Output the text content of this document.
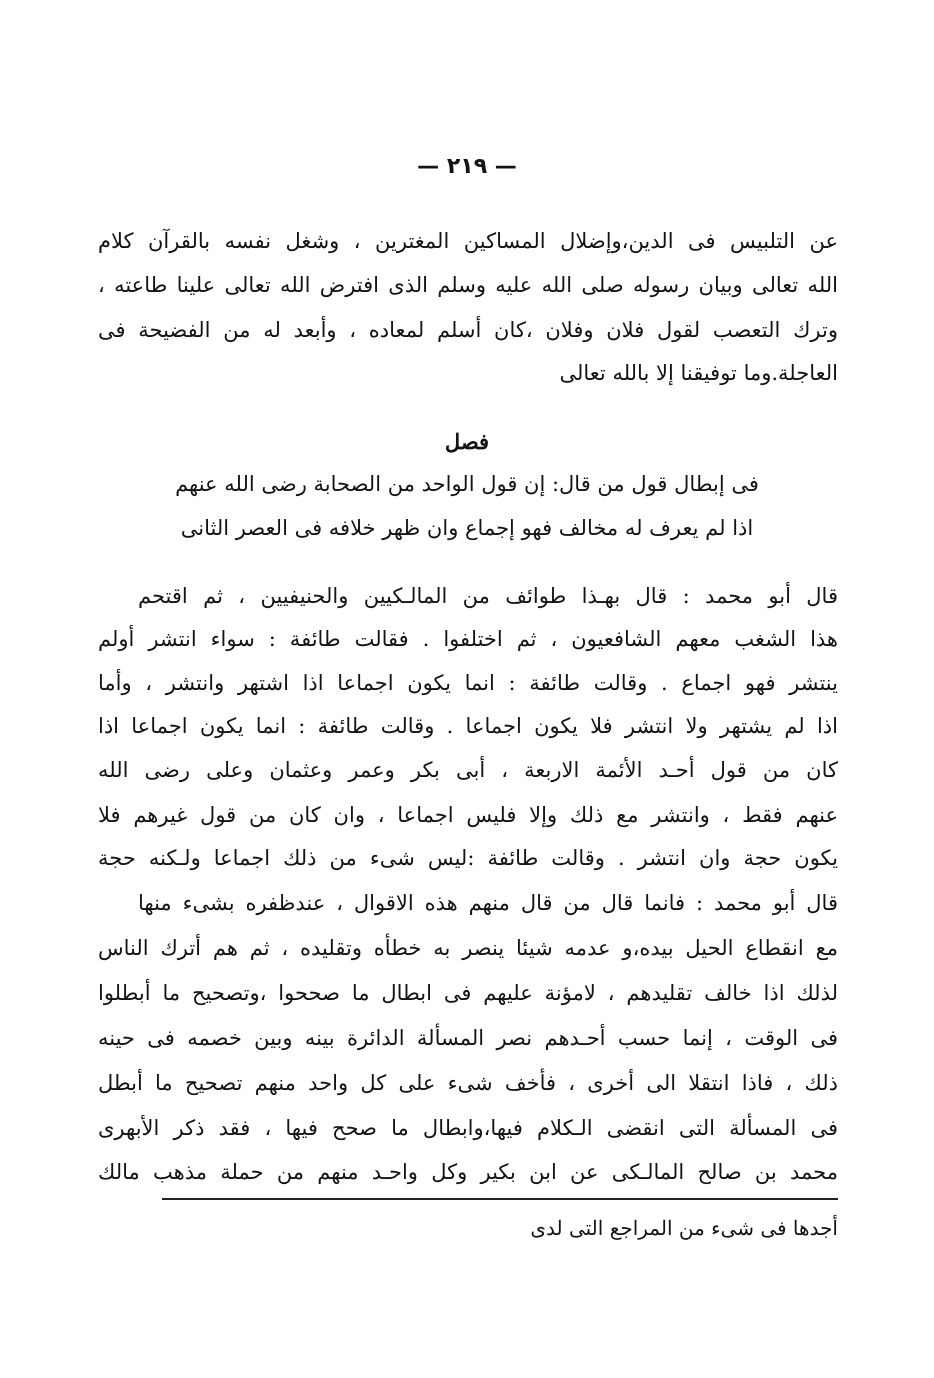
— ٢١٩ —
عن التلبيس فى الدين،وإضلال المساكين المغترين ، وشغل نفسه بالقرآن كلام
الله تعالى وبيان رسوله صلى الله عليه وسلم الذى افترض الله تعالى علينا طاعته ،
وترك التعصب لقول فلان وفلان ،كان أسلم لمعاده ، وأبعد له من الفضيحة فى
العاجلة.وما توفيقنا إلا بالله تعالى
فصل
فى إبطال قول من قال: إن قول الواحد من الصحابة رضى الله عنهم
اذا لم يعرف له مخالف فهو إجماع وان ظهر خلافه فى العصر الثانى
قال أبو محمد : قال بهـذا طوائف من المالـكيين والحنيفيين ، ثم اقتحم
هذا الشغب معهم الشافعيون ، ثم اختلفوا . فقالت طائفة : سواء انتشر أولم
ينتشر فهو اجماع . وقالت طائفة : انما يكون اجماعا اذا اشتهر وانتشر ، وأما
اذا لم يشتهر ولا انتشر فلا يكون اجماعا . وقالت طائفة : انما يكون اجماعا اذا
كان من قول أحـد الأئمة الاربعة ، أبى بكر وعمر وعثمان وعلى رضى الله
عنهم فقط ، وانتشر مع ذلك وإلا فليس اجماعا ، وان كان من قول غيرهم فلا
يكون حجة وان انتشر . وقالت طائفة :ليس شىء من ذلك اجماعا ولـكنه حجة
قال أبو محمد : فانما قال من قال منهم هذه الاقوال ، عندظفره بشىء منها
مع انقطاع الحيل بيده،و عدمه شيئا ينصر به خطأه وتقليده ، ثم هم أترك الناس
لذلك اذا خالف تقليدهم ، لامؤنة عليهم فى ابطال ما صححوا ،وتصحيح ما أبطلوا
فى الوقت ، إنما حسب أحـدهم نصر المسألة الدائرة بينه وبين خصمه فى حينه
ذلك ، فاذا انتقلا الى أخرى ، فأخف شىء على كل واحد منهم تصحيح ما أبطل
فى المسألة التى انقضى الـكلام فيها،وابطال ما صحح فيها ، فقد ذكر الأبهرى
محمد بن صالح المالـكى عن ابن بكير وكل واحـد منهم من حملة مذهب مالك
أجدها فى شىء من المراجع التى لدى
